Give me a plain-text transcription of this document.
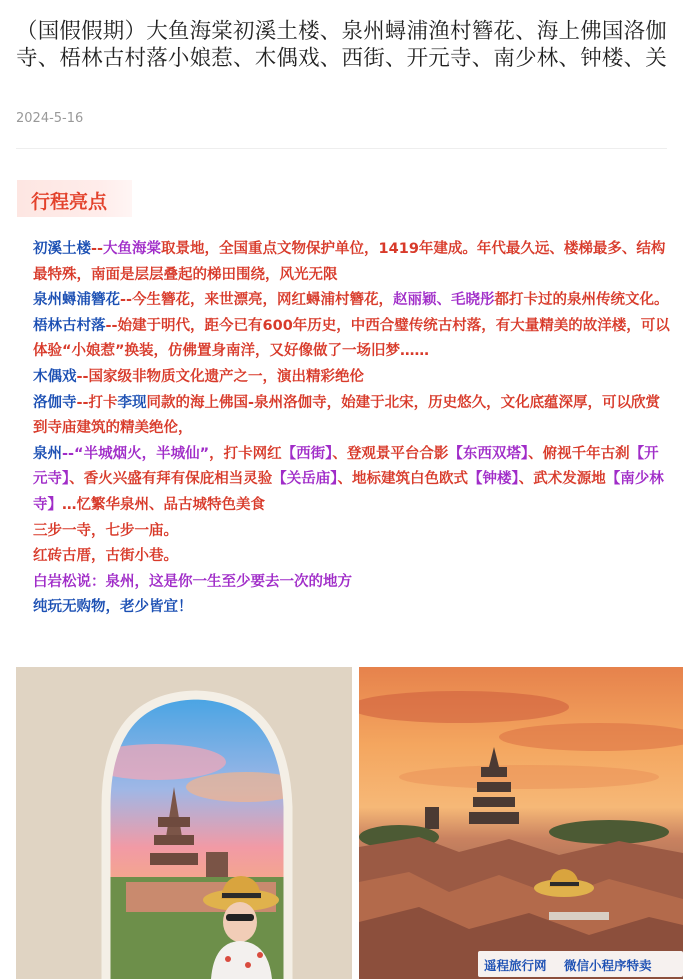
（国假假期）大鱼海棠初溪土楼、泉州蟳浦渔村簪花、海上佛国洛伽寺、梧林古村落小娘惹、木偶戏、西街、开元寺、南少林、钟楼、关
2024-5-16
行程亮点

初溪土楼--大鱼海棠取景地，全国重点文物保护单位，1419年建成。年代最久远、楼梯最多、结构最特殊，南面是层层叠起的梯田围绕，风光无限

泉州蟳浦簪花--今生簪花，来世漂亮，网红蟳浦村簪花，赵丽颖、毛晓彤都打卡过的泉州传统文化。

梧林古村落--始建于明代，距今已有600年历史，中西合璧传统古村落，有大量精美的故洋楼，可以体验“小娘惹”换装，仿佛置身南洋，又好像做了一场旧梦……

木偶戏--国家级非物质文化遗产之一，演出精彩绝伦

洛伽寺--打卡李现同款的海上佛国-泉州洛伽寺，始建于北宋，历史悠久，文化底蕴深厚，可以欣赏到寺庙建筑的精美绝伦，

泉州--“半城烟火，半城仙”，打卡网红【西街】、登观景平台合影【东西双塔】、俯视千年古刹【开元寺】、香火兴盛有拜有保庇相当灵验【关岳庙】、地标建筑白色欧式【钟楼】、武术发源地【南少林寺】…忆繁华泉州、品古城特色美食

三步一寺，七步一庙。

红砖古厝，古街小巷。

白岩松说：泉州，这是你一生至少要去一次的地方

纯玩无购物，老少皆宜！

遥程旅行网 微信小程序特卖
